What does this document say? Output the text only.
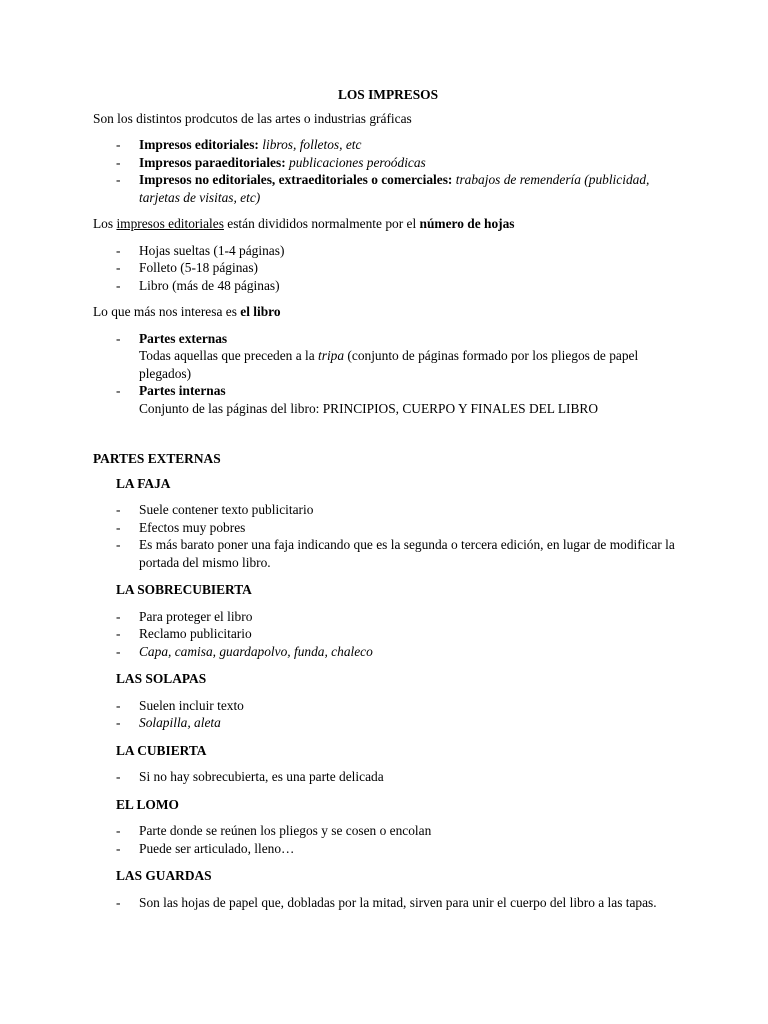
LOS IMPRESOS

Son los distintos prodcutos de las artes o industrias gráficas

- Impresos editoriales: libros, folletos, etc
- Impresos paraeditoriales: publicaciones peroódicas
- Impresos no editoriales, extraeditoriales o comerciales: trabajos de remendería (publicidad, tarjetas de visitas, etc)

Los impresos editoriales están divididos normalmente por el número de hojas

- Hojas sueltas (1-4 páginas)
- Folleto (5-18 páginas)
- Libro (más de 48 páginas)

Lo que más nos interesa es el libro

- Partes externas
Todas aquellas que preceden a la tripa (conjunto de páginas formado por los pliegos de papel plegados)
- Partes internas
Conjunto de las páginas del libro: PRINCIPIOS, CUERPO Y FINALES DEL LIBRO

PARTES EXTERNAS

LA FAJA

- Suele contener texto publicitario
- Efectos muy pobres
- Es más barato poner una faja indicando que es la segunda o tercera edición, en lugar de modificar la portada del mismo libro.

LA SOBRECUBIERTA

- Para proteger el libro
- Reclamo publicitario
- Capa, camisa, guardapolvo, funda, chaleco

LAS SOLAPAS

- Suelen incluir texto
- Solapilla, aleta

LA CUBIERTA

- Si no hay sobrecubierta, es una parte delicada

EL LOMO

- Parte donde se reúnen los pliegos y se cosen o encolan
- Puede ser articulado, lleno…

LAS GUARDAS

- Son las hojas de papel que, dobladas por la mitad, sirven para unir el cuerpo del libro a las tapas.
